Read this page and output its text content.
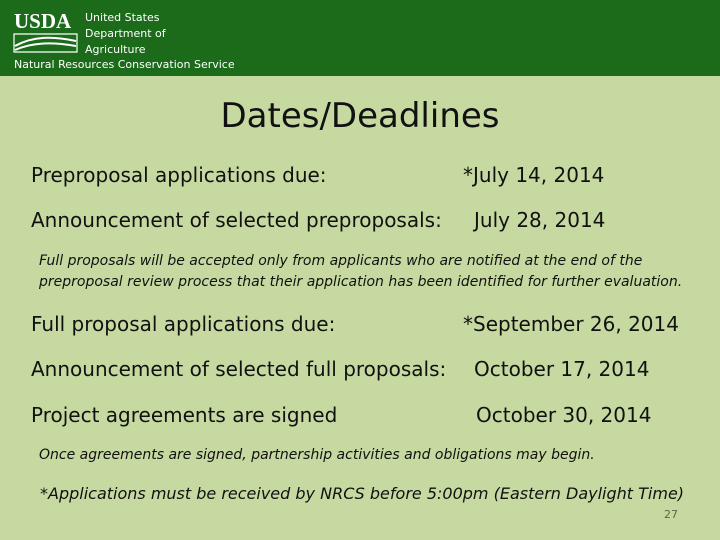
USDA United States
Department of
Agriculture
Natural Resources Conservation Service
Dates/Deadlines
Preproposal applications due:	*July 14, 2014
Announcement of selected preproposals: July 28, 2014
Full proposals will be accepted only from applicants who are notified at the end of the
preproposal review process that their application has been identified for further evaluation.
Full proposal applications due:	*September 26, 2014
Announcement of selected full proposals: October 17, 2014
Project agreements are signed	October 30, 2014
Once agreements are signed, partnership activities and obligations may begin.
*Applications must be received by NRCS before 5:00pm (Eastern Daylight Time)
27
